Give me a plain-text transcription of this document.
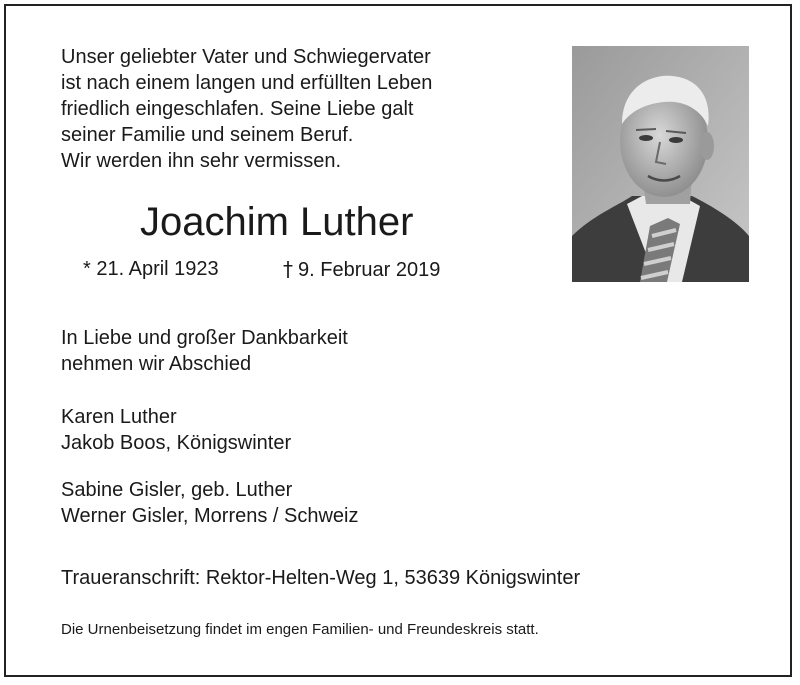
Unser geliebter Vater und Schwiegervater
ist nach einem langen und erfüllten Leben
friedlich eingeschlafen. Seine Liebe galt
seiner Familie und seinem Beruf.
Wir werden ihn sehr vermissen.
Joachim Luther
* 21. April 1923	† 9. Februar 2019
In Liebe und großer Dankbarkeit
nehmen wir Abschied
Karen Luther
Jakob Boos, Königswinter
Sabine Gisler, geb. Luther
Werner Gisler, Morrens / Schweiz
Traueranschrift: Rektor-Helten-Weg 1, 53639 Königswinter
Die Urnenbeisetzung findet im engen Familien- und Freundeskreis statt.
